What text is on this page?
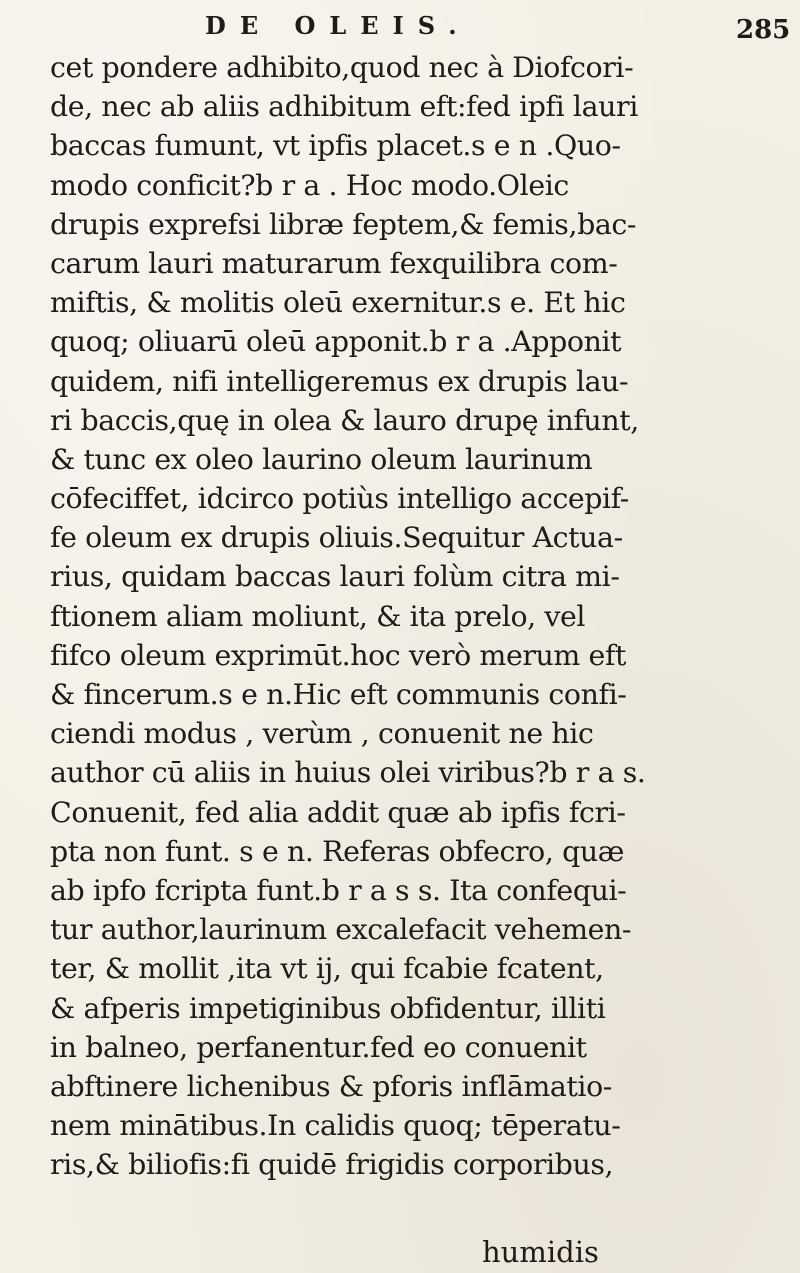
DE OLEIS.	285
cet pondere adhibito,quod nec à Diofcori-
de, nec ab aliis adhibitum eft:fed ipfi lauri
baccas fumunt, vt ipfis placet.s e n .Quo-
modo conficit?b r a . Hoc modo.Oleic
drupis exprefsi libræ feptem,& femis,bac-
carum lauri maturarum fexquilibra com-
miftis, & molitis oleū exernitur.s e. Et hic
quoq; oliuarū oleū apponit.b r a .Apponit
quidem, nifi intelligeremus ex drupis lau-
ri baccis,quę in olea & lauro drupę infunt,
& tunc ex oleo laurino oleum laurinum
cōfeciffet, idcirco potiùs intelligo accepif-
fe oleum ex drupis oliuis.Sequitur Actua-
rius, quidam baccas lauri folùm citra mi-
ftionem aliam moliunt, & ita prelo, vel
fifco oleum exprimūt.hoc verò merum eft
& fincerum.s e n.Hic eft communis confi-
ciendi modus , verùm , conuenit ne hic
author cū aliis in huius olei viribus?b r a s.
Conuenit, fed alia addit quæ ab ipfis fcri-
pta non funt. s e n. Referas obfecro, quæ
ab ipfo fcripta funt.b r a s s. Ita confequi-
tur author,laurinum excalefacit vehemen-
ter, & mollit ,ita vt ij, qui fcabie fcatent,
& afperis impetiginibus obfidentur, illiti
in balneo, perfanentur.fed eo conuenit
abftinere lichenibus & pforis inflāmatio-
nem minātibus.In calidis quoq; tēperatu-
ris,& biliofis:fi quidē frigidis corporibus,
humidis
